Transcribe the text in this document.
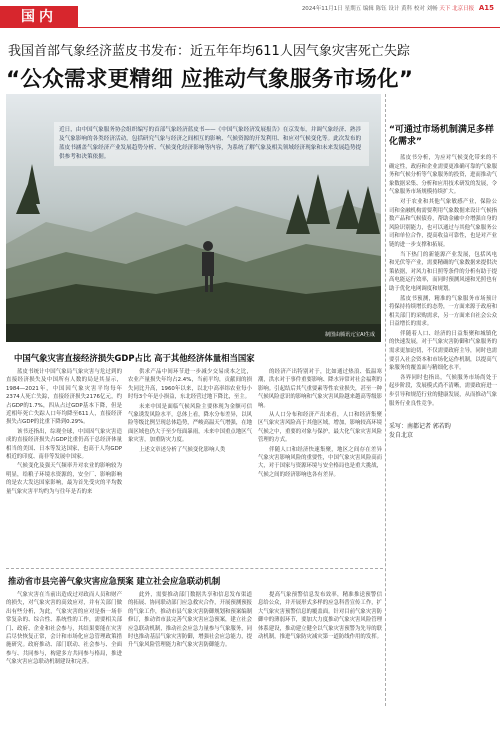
国内	2024年11月1日 星期五 编辑 陈钰 设计 黄科 校对 刘畅 天下 北京日报 A15
我国首部气象经济蓝皮书发布：近五年年均611人因气象灾害死亡失踪
“公众需求更精细 应推动气象服务市场化”
近日，由中国气象服务协会组织编写的首部气象经济蓝皮书——《中国气象经济发展报告》在京发布，并调气象经济、熟涉及气象影响的各类经济活动，包括研究气象与经济之间相互的影响、气候资源的开发利用、和应对气候变化等。此次发布的蓝皮书涵盖气象经济产业发展趋势分析、气候变化经济影响等内容，为系统了解气象及相关领域经济现象和未来发展趋势提供参考和决策依据。
制图由腾讯元宝AI生成
“可通过市场机制满足多样化需求”

蓝皮书分析，为应对气候变化带来的不确定性，政府和企业需要更准确可靠的气象服务和气候分析等气象服务的投资，进而推动气象数据采集、分析和应用技术研发的发展，令气象服务市场规模持续扩大。

对于农业和其他气象敏感产业，保险公司和金融机构需要利用气象数据来设计气候指数产品和气候债券，帮助金融中介增强自身的风险识别能力，也可以通过与其他气象服务公司和单位合作，提高收益可靠性，也是对产业链的进一步支撑和拓展。

当下热门的新能源产业发展，包括风电和光伏等产业，需要精确的气象数据来提供决策依据，对风力和日照等条件的分析有助于提高电能运行效率，而同时预测风速和光照也有助于优化电网调度和规划。

蓝皮书预测，精准的气象服务市场预计将保持持续增长的态势，一方面来源于政府和相关部门的采购需求，另一方面来自社会公众日益增长的需求。

伴随着人口、经济的日益集聚和城镇化的快速发展，对于气象灾害防御和气象服务的需求更加迫切，不仅需要政府主导，同时也需要引入社会资本和市场化运作机制，以提高气象服务的覆盖面与精细化水平。

各界同时也指出，气候服务市场尚处于起步阶段，发展模式尚不清晰，需要政府进一步引导和规范行业的健康发展，从而推动气象服务行业良性竞争。

采写：南都记者 郭若昀
发自北京
中国气象灾害直接经济损失GDP占比 高于其他经济体量相当国家

蓝皮书统计中国气象局气象灾害与危过到的直接经济损失及中国所有人数的局是其显示，1984—2021年，中国因气象灾害平均每年2374人死亡失踪，直接经济损失2176亿元，约占GDP的1.7%，四从占过GDP基本下降，但是近相年死亡失踪人口年均降至611人，直接经济损失占GDP的比重下降到0.29%。

该书还指出，综观全球，中国因气象灾害造成的直接经济损失占GDP比重仍高于总经济体量相当的美国、日本等发达国家，也高于人均GDP相近的印度、南非等发展中国家。

气候变化及强天气频率升对农业的影响较为明显，给粮子环境水资源的，安全厂、影响影响的是农大发达国家影响，最为首先受灾的平均数量气象灾害平均约为与往年是否的来

供求产品中间环节进一步减少交易成本之比，农业产量损失年均占2.4%，当前平均，贡献间的损失同比升高，1960年以来，以北中高率纬农业每小时每3个年是小损益，东北经营过地下降比，至主。

未来中国是面临气候风险主要体现为金额可信气象诱发风险水平，总体上看，降水分布差异，以风险等级比例呈现总体趋势，严峻高温天气增强，在地面区域也仍大于至少每面暴雨，未来中国重点地区气象灾害，加重防灾力度。

上述文章述分析了气候变化影响人类

的经济产出特别对于，比如通过热浪、低温寒潮，洪水对于事件重要影响、降水异常对社会福利的影响。引起结后其气重要素等性农业损失，甚至一种气候风险意识的影响和气象灾害风险越来越高等级影响。

从人口分布和经济产出来看，人口和经济集聚区气象灾害风险高于其他区域，增加，影响较高环境气候之中，重要的对象与保护，最大化气象灾害风险管理的方式。

伴随人口和经济快速集聚，地区之间存在差异气象灾害影响风险的重要性，中国气象灾害风险高而大，对于国家与资源环境与安全格局也是重大挑战，气候之间的经济影响也各有差异。

推动省市县完善气象灾害应急预案 建立社会应急联动机制

气象灾害在当前出造成过对政而人员和财产的损失，对气象灾害的高效应对，并有关部门做出有些分析，为此，气象灾害的应对是指一场非常复杂的、综合性、系统性的工作，需要相关部门、政府、企业和社会参与，其结果要能在灾害后尽快恢复正常，会计和市场化应急管理政策措施研究。政府推动、部门联动、社会参与、全面参与、共同参与，构建多方共同参与格局，推进气象灾害应急联动机制建设和完善。

此外，需要推动部门数据共享和信息发布渠道的拓展、协同联动部门应急救灾合作，开展预测预报的气象工作，推动市县气象灾害防御规划和预案编制修订，推动省市县完善气象灾害应急预案，建立社会应急联动机制，推动社会应急力量参与气象服务，同时也推动基层气象灾害防御，增强社会应急能力，提升气象风险管理能力和气象灾害防御能力。

提高气象预警信息发布效率，精准推送预警信息给公众，并开展形式多样的应急科普宣传工作，扩大气象灾害预警信息的覆盖面。针对目前气象灾害防御中的薄弱环节，要加大力度推动气象灾害风险管理体系建设，推动建立健全以气象灾害预警为先导的联动机制，推进气象防灾减灾第一道防线作用的发挥。
